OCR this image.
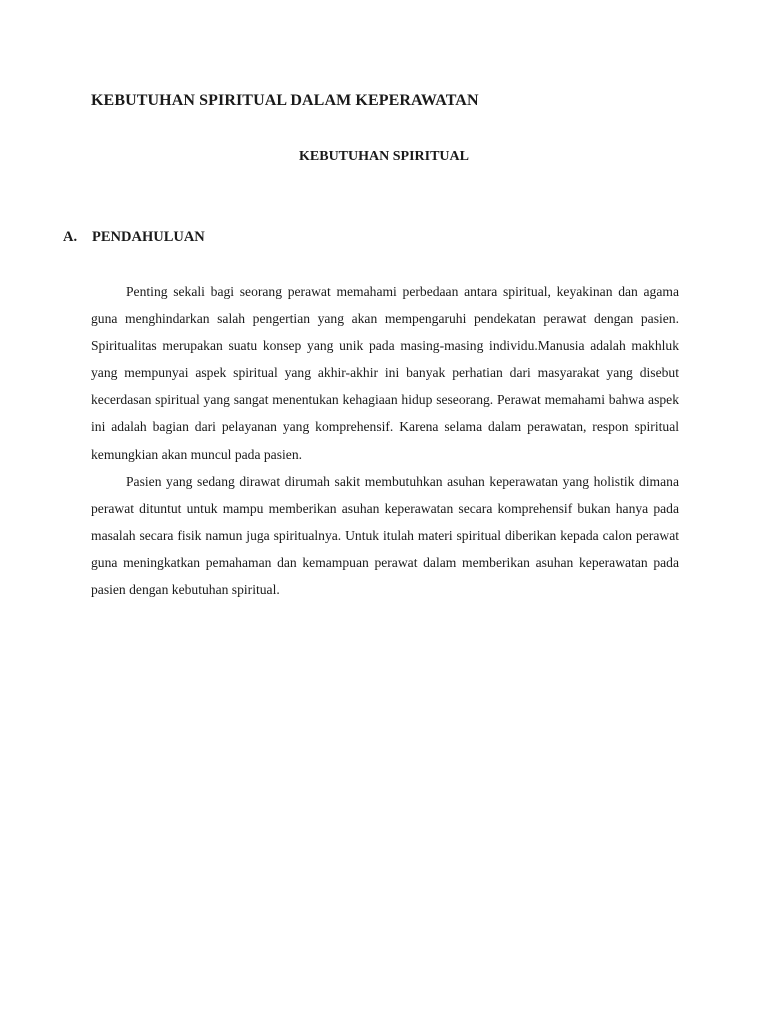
KEBUTUHAN SPIRITUAL DALAM KEPERAWATAN
KEBUTUHAN SPIRITUAL
A. PENDAHULUAN

Penting sekali bagi seorang perawat memahami perbedaan antara spiritual, keyakinan dan agama guna menghindarkan salah pengertian yang akan mempengaruhi pendekatan perawat dengan pasien. Spiritualitas merupakan suatu konsep yang unik pada masing-masing individu.Manusia adalah makhluk yang mempunyai aspek spiritual yang akhir-akhir ini banyak perhatian dari masyarakat yang disebut kecerdasan spiritual yang sangat menentukan kehagiaan hidup seseorang. Perawat memahami bahwa aspek ini adalah bagian dari pelayanan yang komprehensif. Karena selama dalam perawatan, respon spiritual kemungkian akan muncul pada pasien.

Pasien yang sedang dirawat dirumah sakit membutuhkan asuhan keperawatan yang holistik dimana perawat dituntut untuk mampu memberikan asuhan keperawatan secara komprehensif bukan hanya pada masalah secara fisik namun juga spiritualnya. Untuk itulah materi spiritual diberikan kepada calon perawat guna meningkatkan pemahaman dan kemampuan perawat dalam memberikan asuhan keperawatan pada pasien dengan kebutuhan spiritual.
